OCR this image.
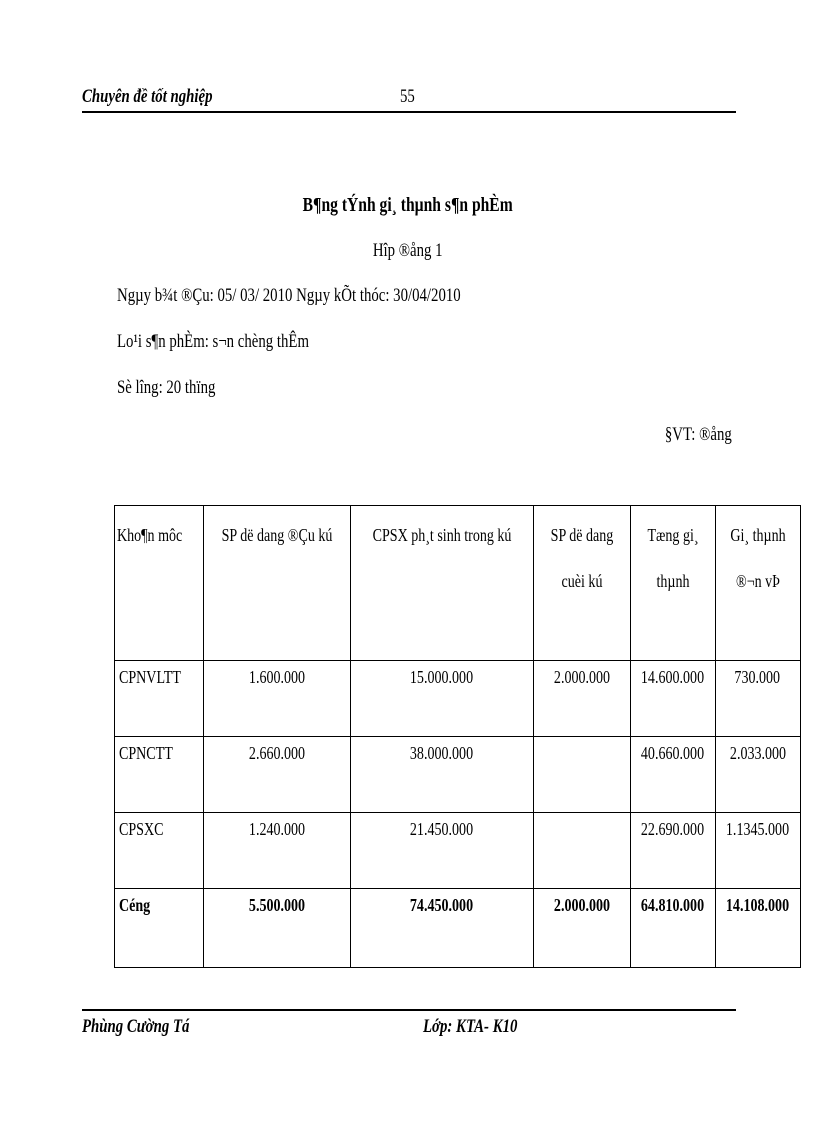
Chuyên đề tốt nghiệp	55
B¶ng tÝnh gi¸ thµnh s¶n phÈm
Hîp ®ång 1
Ngµy b¾t ®Çu: 05/ 03/ 2010 Ngµy kÕt thóc: 30/04/2010
Lo¹i s¶n phÈm: s¬n chèng thÊm
Sè lîng: 20 thïng
§VT: ®ång
Kho¶n môc	SP dë dang ®Çu kú	CPSX ph¸t sinh trong kú	SP dë dang cuèi kú	Tæng gi¸ thµnh	Gi¸ thµnh ®¬n vÞ

CPNVLTT	1.600.000	15.000.000	2.000.000	14.600.000	730.000

CPNCTT	2.660.000	38.000.000		40.660.000	2.033.000

CPSXC	1.240.000	21.450.000		22.690.000	1.1345.000

Céng	5.500.000	74.450.000	2.000.000	64.810.000	14.108.000
Phùng Cường Tá	Lớp: KTA- K10
